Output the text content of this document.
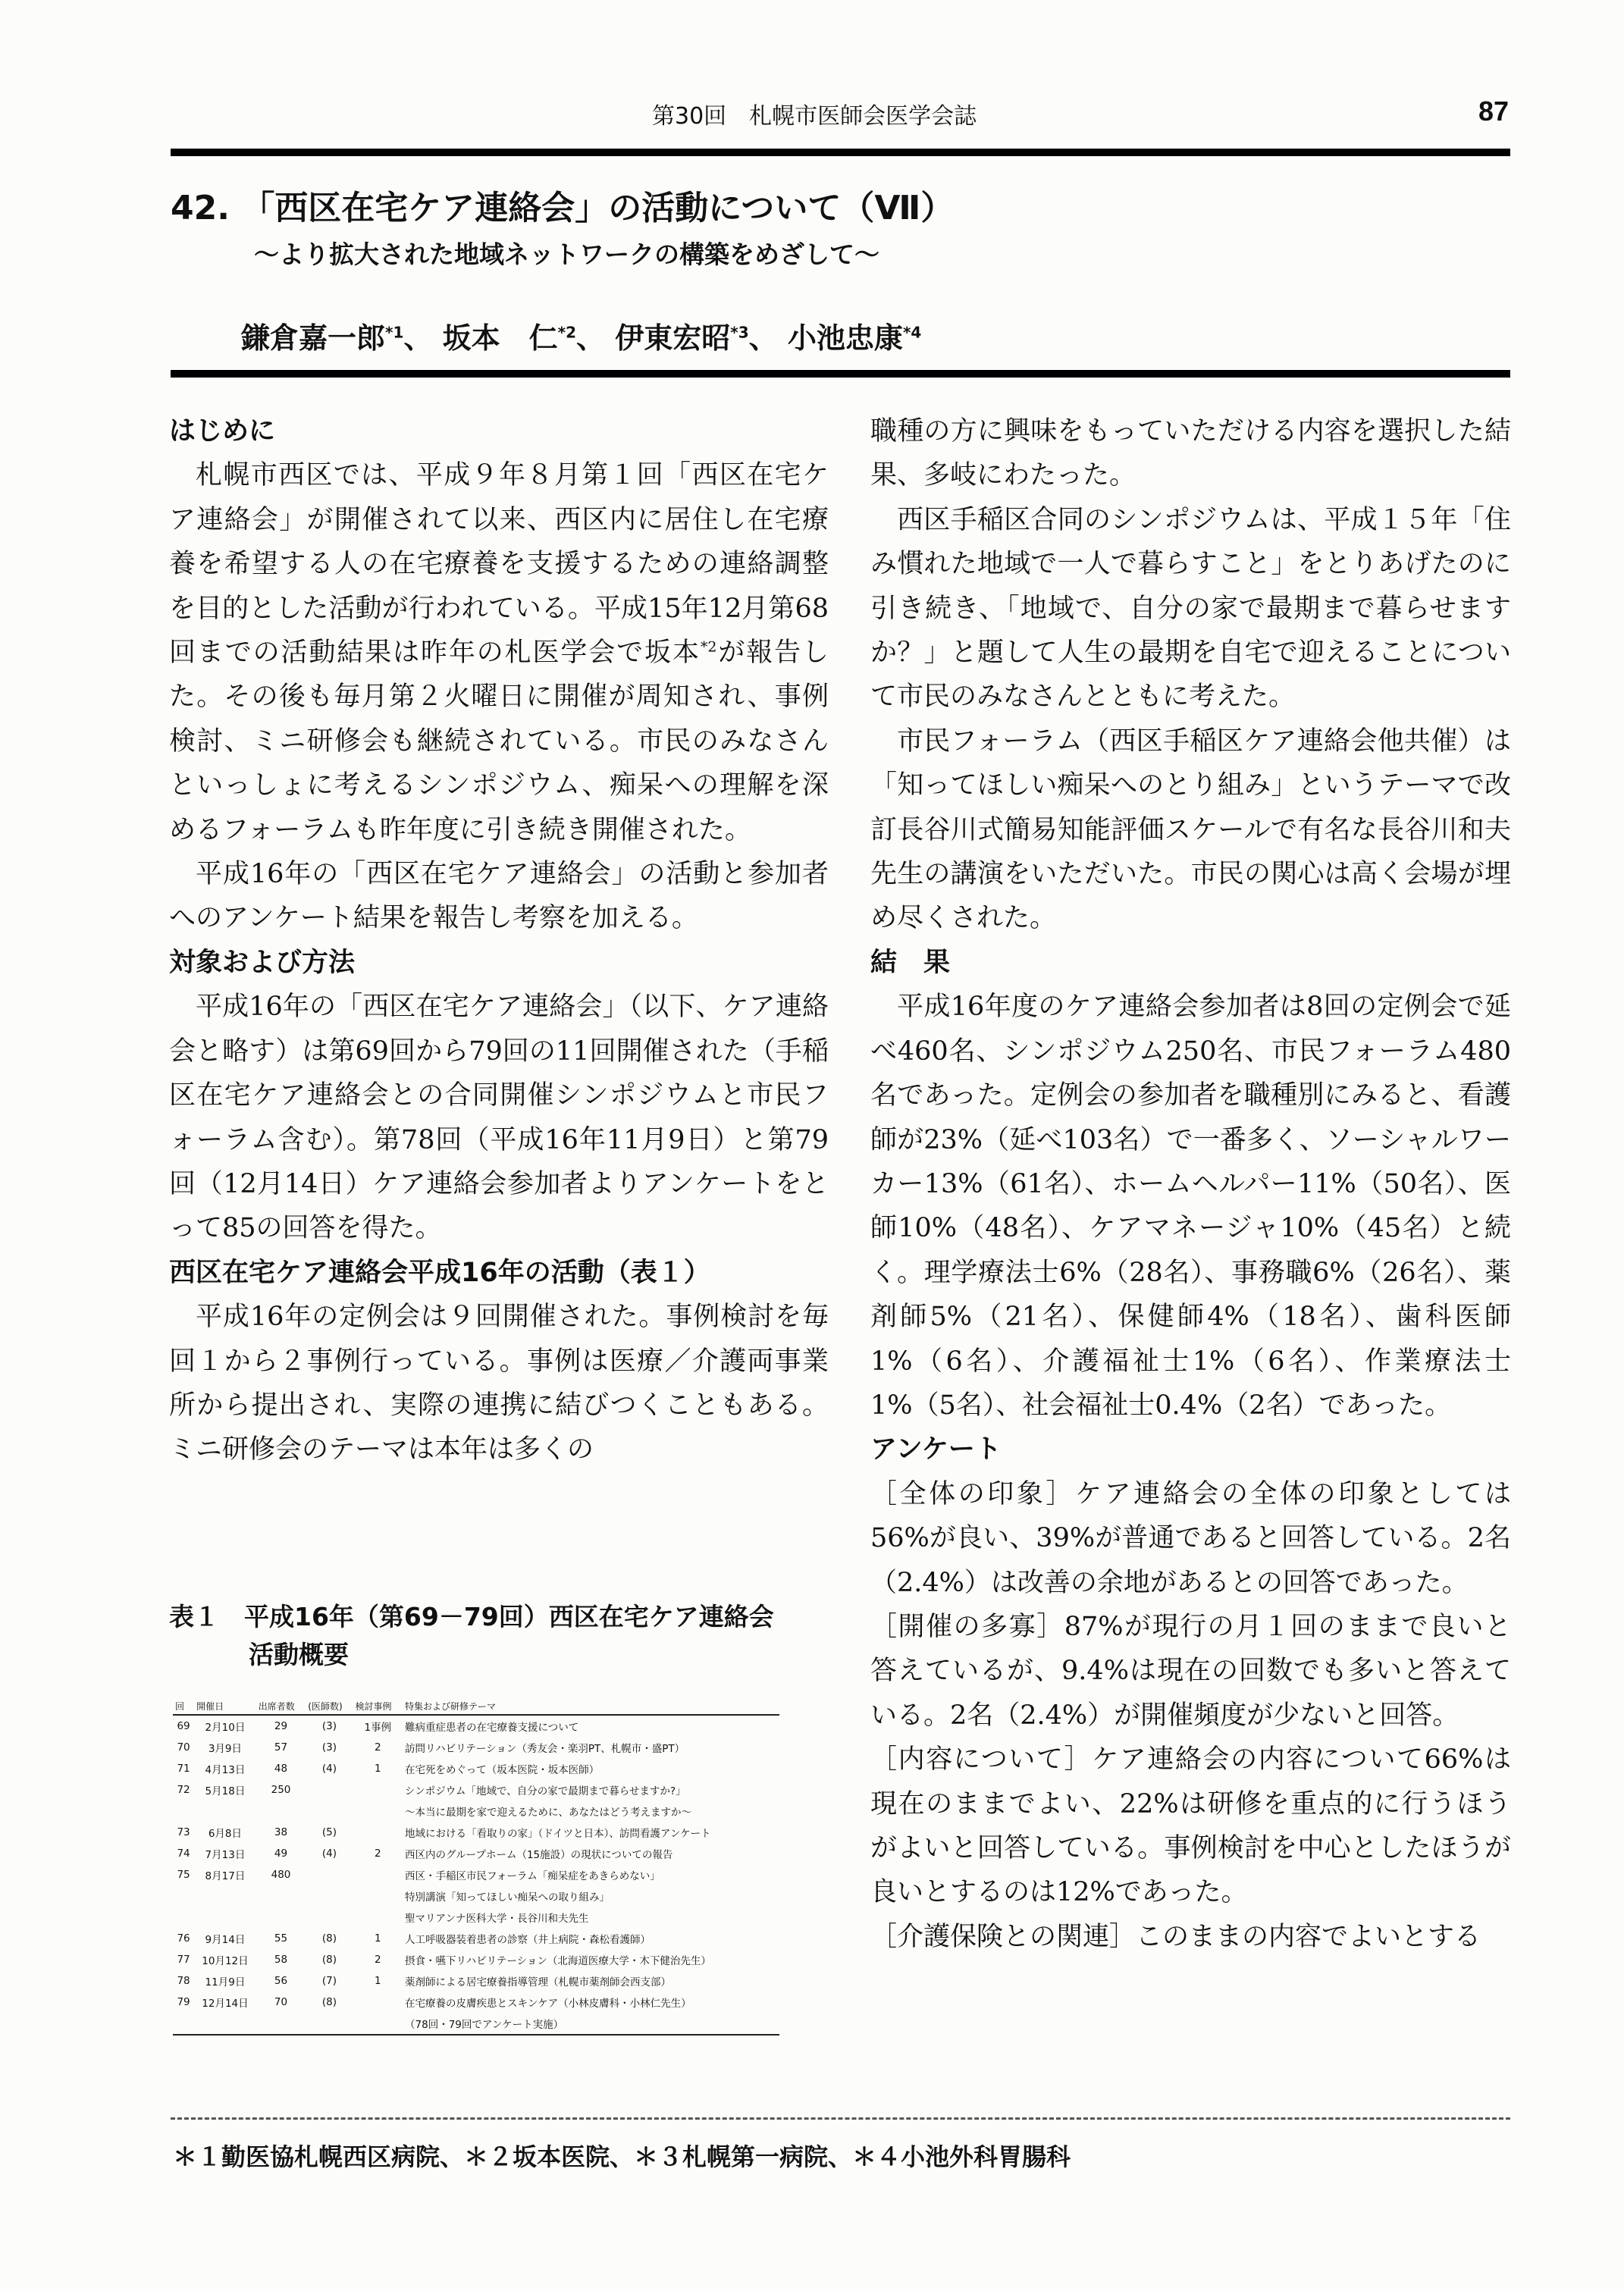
第30回　札幌市医師会医学会誌	87
42. 「西区在宅ケア連絡会」の活動について（Ⅶ）
～より拡大された地域ネットワークの構築をめざして～
鎌倉嘉一郎$^{*1}$、 坂本　仁$^{*2}$、 伊東宏昭$^{*3}$、 小池忠康$^{*4}$
はじめに

札幌市西区では、平成９年８月第１回「西区在宅ケア連絡会」が開催されて以来、西区内に居住し在宅療養を希望する人の在宅療養を支援するための連絡調整を目的とした活動が行われている。平成15年12月第68回までの活動結果は昨年の札医学会で坂本$^{*2}$が報告した。その後も毎月第２火曜日に開催が周知され、事例検討、ミニ研修会も継続されている。市民のみなさんといっしょに考えるシンポジウム、痴呆への理解を深めるフォーラムも昨年度に引き続き開催された。

平成16年の「西区在宅ケア連絡会」の活動と参加者へのアンケート結果を報告し考察を加える。

対象および方法

平成16年の「西区在宅ケア連絡会」（以下、ケア連絡会と略す）は第69回から79回の11回開催された（手稲区在宅ケア連絡会との合同開催シンポジウムと市民フォーラム含む）。第78回（平成16年11月9日）と第79回（12月14日）ケア連絡会参加者よりアンケートをとって85の回答を得た。

西区在宅ケア連絡会平成16年の活動（表１）

平成16年の定例会は９回開催された。事例検討を毎回１から２事例行っている。事例は医療／介護両事業所から提出され、実際の連携に結びつくこともある。ミニ研修会のテーマは本年は多くの

職種の方に興味をもっていただける内容を選択した結果、多岐にわたった。

西区手稲区合同のシンポジウムは、平成１５年「住み慣れた地域で一人で暮らすこと」をとりあげたのに引き続き、「地域で、自分の家で最期まで暮らせますか？」と題して人生の最期を自宅で迎えることについて市民のみなさんとともに考えた。

市民フォーラム（西区手稲区ケア連絡会他共催）は「知ってほしい痴呆へのとり組み」というテーマで改訂長谷川式簡易知能評価スケールで有名な長谷川和夫先生の講演をいただいた。市民の関心は高く会場が埋め尽くされた。

結　果

平成16年度のケア連絡会参加者は8回の定例会で延べ460名、シンポジウム250名、市民フォーラム480名であった。定例会の参加者を職種別にみると、看護師が23%（延べ103名）で一番多く、ソーシャルワーカー13%（61名）、ホームヘルパー11%（50名）、医師10%（48名）、ケアマネージャ10%（45名）と続く。理学療法士6%（28名）、事務職6%（26名）、薬剤師5%（21名）、保健師4%（18名）、歯科医師1%（6名）、介護福祉士1%（6名）、作業療法士1%（5名）、社会福祉士0.4%（2名）であった。

アンケート

［全体の印象］ケア連絡会の全体の印象としては56%が良い、39%が普通であると回答している。2名（2.4%）は改善の余地があるとの回答であった。

［開催の多寡］87%が現行の月１回のままで良いと答えているが、9.4%は現在の回数でも多いと答えている。2名（2.4%）が開催頻度が少ないと回答。

［内容について］ケア連絡会の内容について66%は現在のままでよい、22%は研修を重点的に行うほうがよいと回答している。事例検討を中心としたほうが良いとするのは12%であった。

［介護保険との関連］このままの内容でよいとする

表１　平成16年（第69－79回）西区在宅ケア連絡会
活動概要
回	開催日	出席者数	(医師数)	検討事例	特集および研修テーマ
69	2月10日	29	(3)	1事例	難病重症患者の在宅療養支援について
70	3月9日	57	(3)	2	訪問リハビリテーション（秀友会・楽羽PT、札幌市・盛PT）
71	4月13日	48	(4)	1	在宅死をめぐって（坂本医院・坂本医師）
72	5月18日	250			シンポジウム「地域で、自分の家で最期まで暮らせますか?」
					～本当に最期を家で迎えるために、あなたはどう考えますか～
73	6月8日	38	(5)		地域における「看取りの家」（ドイツと日本）、訪問看護アンケート
74	7月13日	49	(4)	2	西区内のグループホーム（15施設）の現状についての報告
75	8月17日	480			西区・手稲区市民フォーラム「痴呆症をあきらめない」
					特別講演「知ってほしい痴呆への取り組み」
					聖マリアンナ医科大学・長谷川和夫先生
76	9月14日	55	(8)	1	人工呼吸器装着患者の診察（井上病院・森松看護師）
77	10月12日	58	(8)	2	摂食・嚥下リハビリテーション（北海道医療大学・木下健治先生）
78	11月9日	56	(7)	1	薬剤師による居宅療養指導管理（札幌市薬剤師会西支部）
79	12月14日	70	(8)		在宅療養の皮膚疾患とスキンケア（小林皮膚科・小林仁先生）
					（78回・79回でアンケート実施）
＊１勤医協札幌西区病院、＊２坂本医院、＊３札幌第一病院、＊４小池外科胃腸科
